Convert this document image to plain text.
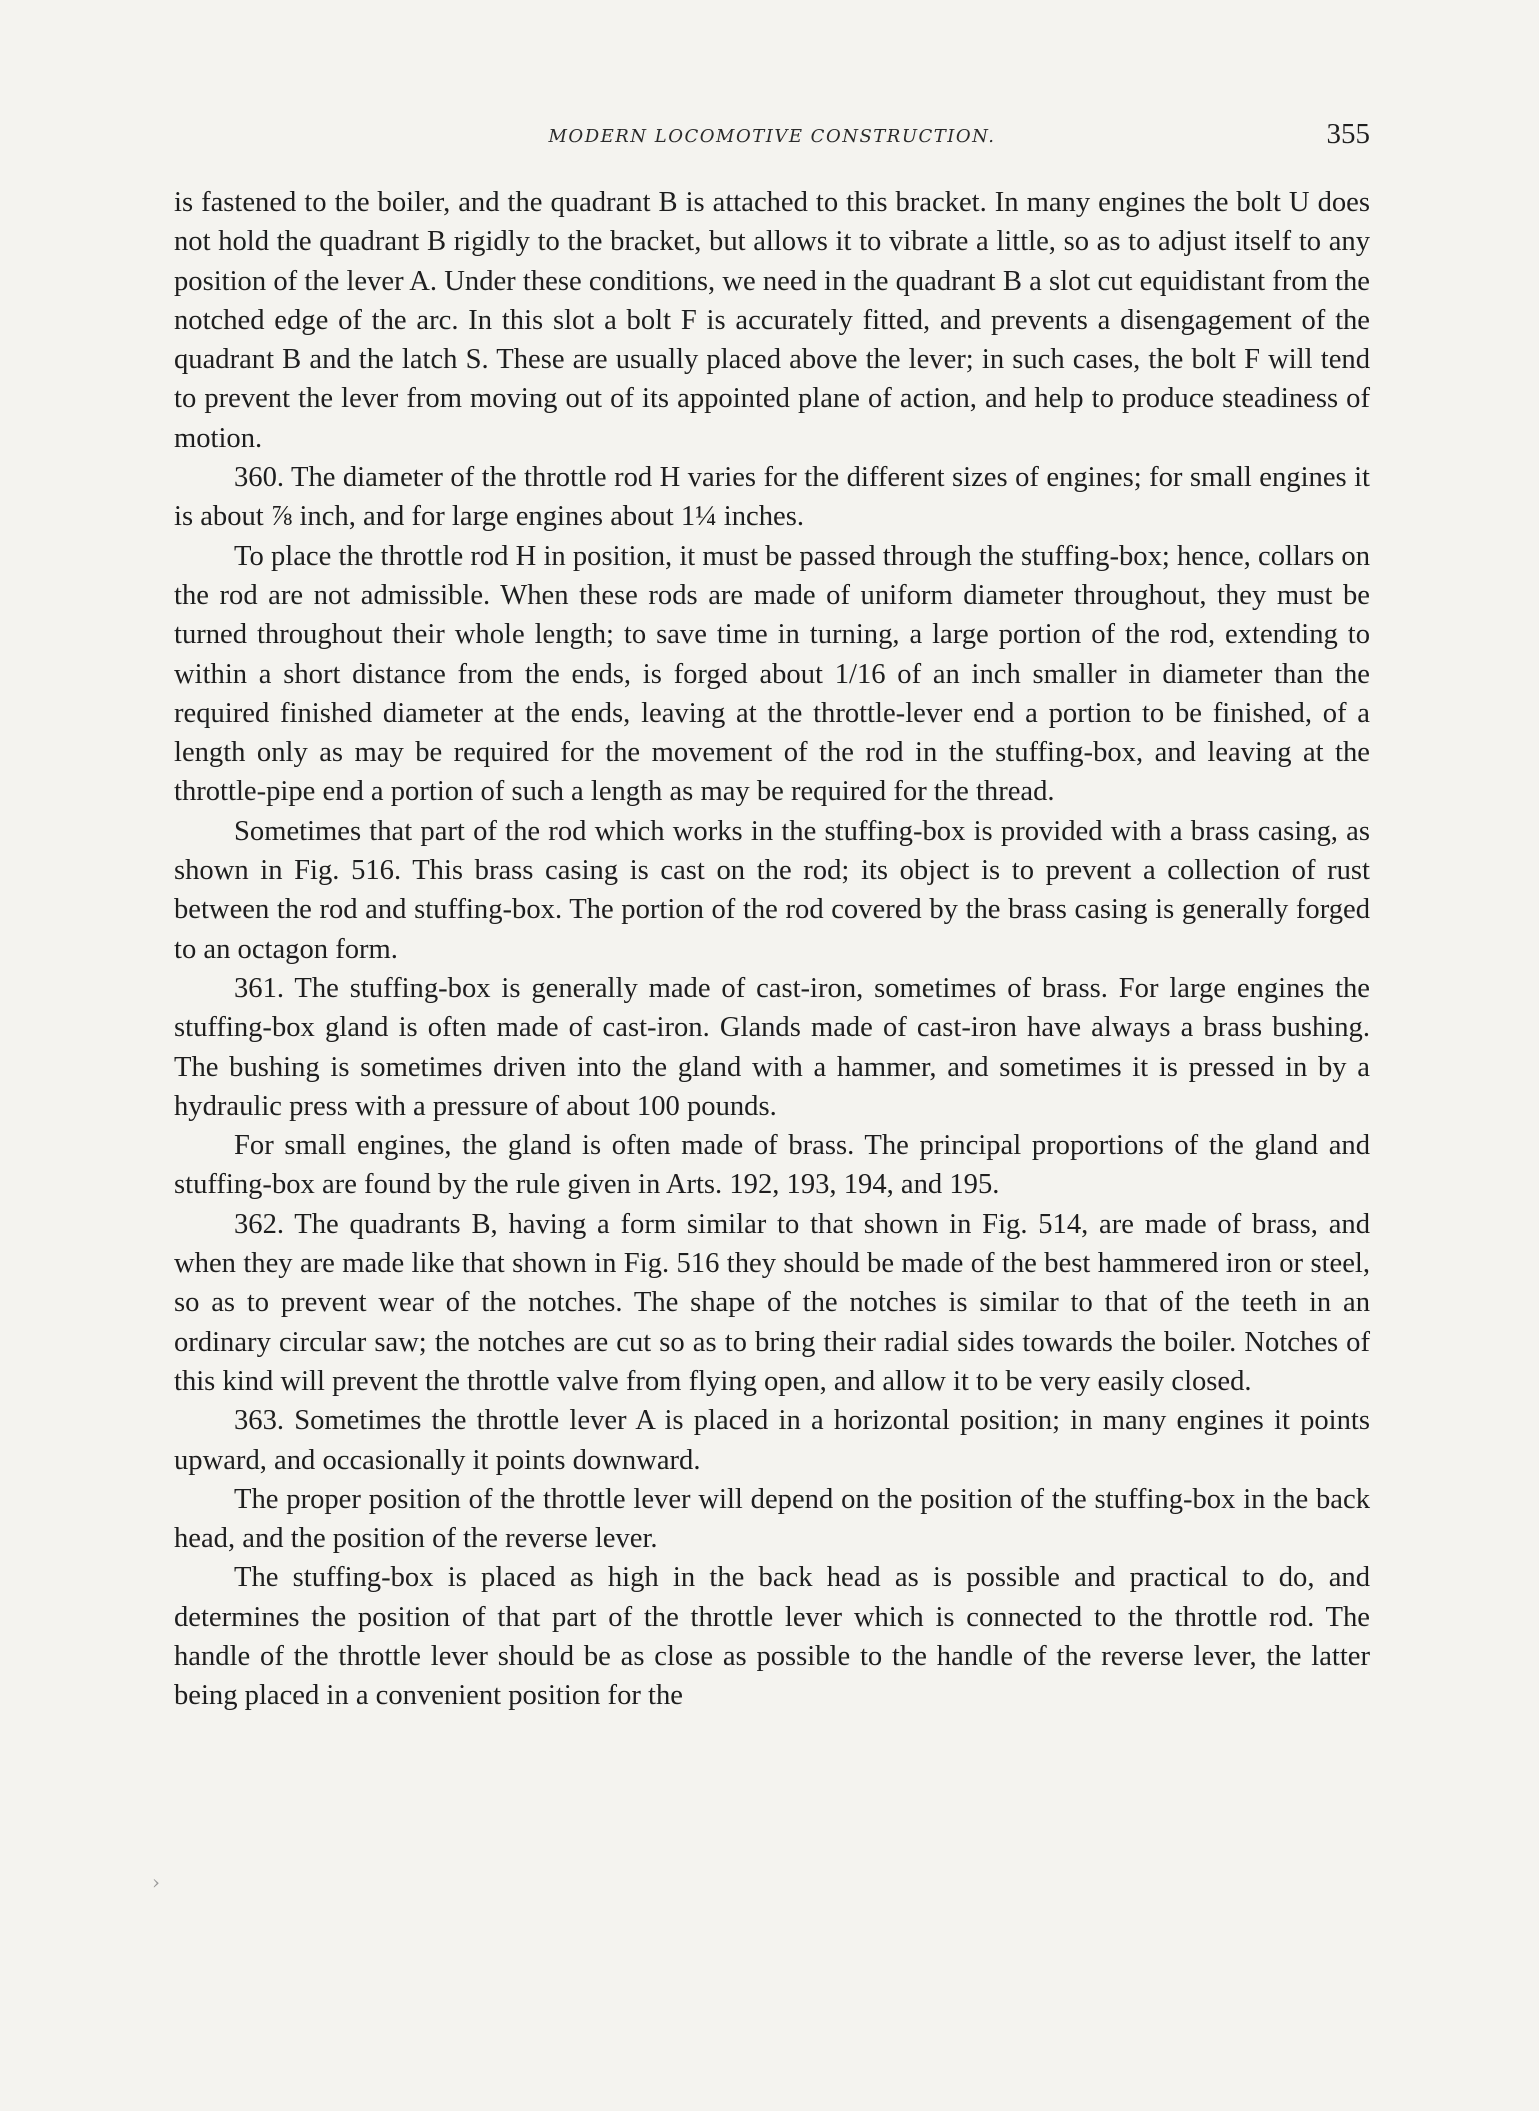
MODERN LOCOMOTIVE CONSTRUCTION.	355

is fastened to the boiler, and the quadrant B is attached to this bracket. In many engines the bolt U does not hold the quadrant B rigidly to the bracket, but allows it to vibrate a little, so as to adjust itself to any position of the lever A. Under these conditions, we need in the quadrant B a slot cut equidistant from the notched edge of the arc. In this slot a bolt F is accurately fitted, and prevents a disengagement of the quadrant B and the latch S. These are usually placed above the lever; in such cases, the bolt F will tend to prevent the lever from moving out of its appointed plane of action, and help to produce steadiness of motion.

360. The diameter of the throttle rod H varies for the different sizes of engines; for small engines it is about ⅞ inch, and for large engines about 1¼ inches.

To place the throttle rod H in position, it must be passed through the stuffing-box; hence, collars on the rod are not admissible. When these rods are made of uniform diameter throughout, they must be turned throughout their whole length; to save time in turning, a large portion of the rod, extending to within a short distance from the ends, is forged about 1/16 of an inch smaller in diameter than the required finished diameter at the ends, leaving at the throttle-lever end a portion to be finished, of a length only as may be required for the movement of the rod in the stuffing-box, and leaving at the throttle-pipe end a portion of such a length as may be required for the thread.

Sometimes that part of the rod which works in the stuffing-box is provided with a brass casing, as shown in Fig. 516. This brass casing is cast on the rod; its object is to prevent a collection of rust between the rod and stuffing-box. The portion of the rod covered by the brass casing is generally forged to an octagon form.

361. The stuffing-box is generally made of cast-iron, sometimes of brass. For large engines the stuffing-box gland is often made of cast-iron. Glands made of cast-iron have always a brass bushing. The bushing is sometimes driven into the gland with a hammer, and sometimes it is pressed in by a hydraulic press with a pressure of about 100 pounds.

For small engines, the gland is often made of brass. The principal proportions of the gland and stuffing-box are found by the rule given in Arts. 192, 193, 194, and 195.

362. The quadrants B, having a form similar to that shown in Fig. 514, are made of brass, and when they are made like that shown in Fig. 516 they should be made of the best hammered iron or steel, so as to prevent wear of the notches. The shape of the notches is similar to that of the teeth in an ordinary circular saw; the notches are cut so as to bring their radial sides towards the boiler. Notches of this kind will prevent the throttle valve from flying open, and allow it to be very easily closed.

363. Sometimes the throttle lever A is placed in a horizontal position; in many engines it points upward, and occasionally it points downward.

The proper position of the throttle lever will depend on the position of the stuffing-box in the back head, and the position of the reverse lever.

The stuffing-box is placed as high in the back head as is possible and practical to do, and determines the position of that part of the throttle lever which is connected to the throttle rod. The handle of the throttle lever should be as close as possible to the handle of the reverse lever, the latter being placed in a convenient position for the

›
